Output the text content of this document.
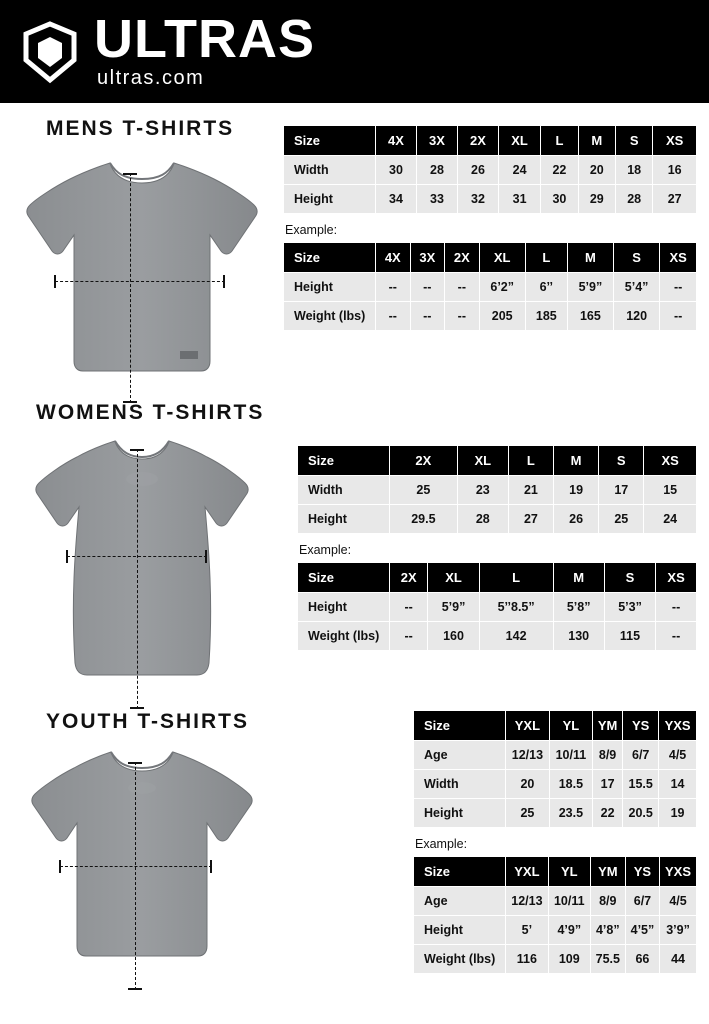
ULTRAS
ultras.com
MENS T-SHIRTS
Size	4X	3X	2X	XL	L	M	S	XS
Width	30	28	26	24	22	20	18	16
Height	34	33	32	31	30	29	28	27
Example:
Size	4X	3X	2X	XL	L	M	S	XS
Height	--	--	--	6’2”	6’’	5’9”	5’4”	--
Weight (lbs)	--	--	--	205	185	165	120	--
WOMENS T-SHIRTS
Size	2X	XL	L	M	S	XS
Width	25	23	21	19	17	15
Height	29.5	28	27	26	25	24
Example:
Size	2X	XL	L	M	S	XS
Height	--	5’9”	5’’8.5”	5’8”	5’3”	--
Weight (lbs)	--	160	142	130	115	--
YOUTH T-SHIRTS	Size	YXL	YL	YM	YS	YXS
Age	12/13	10/11	8/9	6/7	4/5
Width	20	18.5	17	15.5	14
Height	25	23.5	22	20.5	19
Example:
Size	YXL	YL	YM	YS	YXS
Age	12/13	10/11	8/9	6/7	4/5
Height	5’	4’9”	4’8”	4’5”	3’9”
Weight (lbs)	116	109	75.5	66	44
